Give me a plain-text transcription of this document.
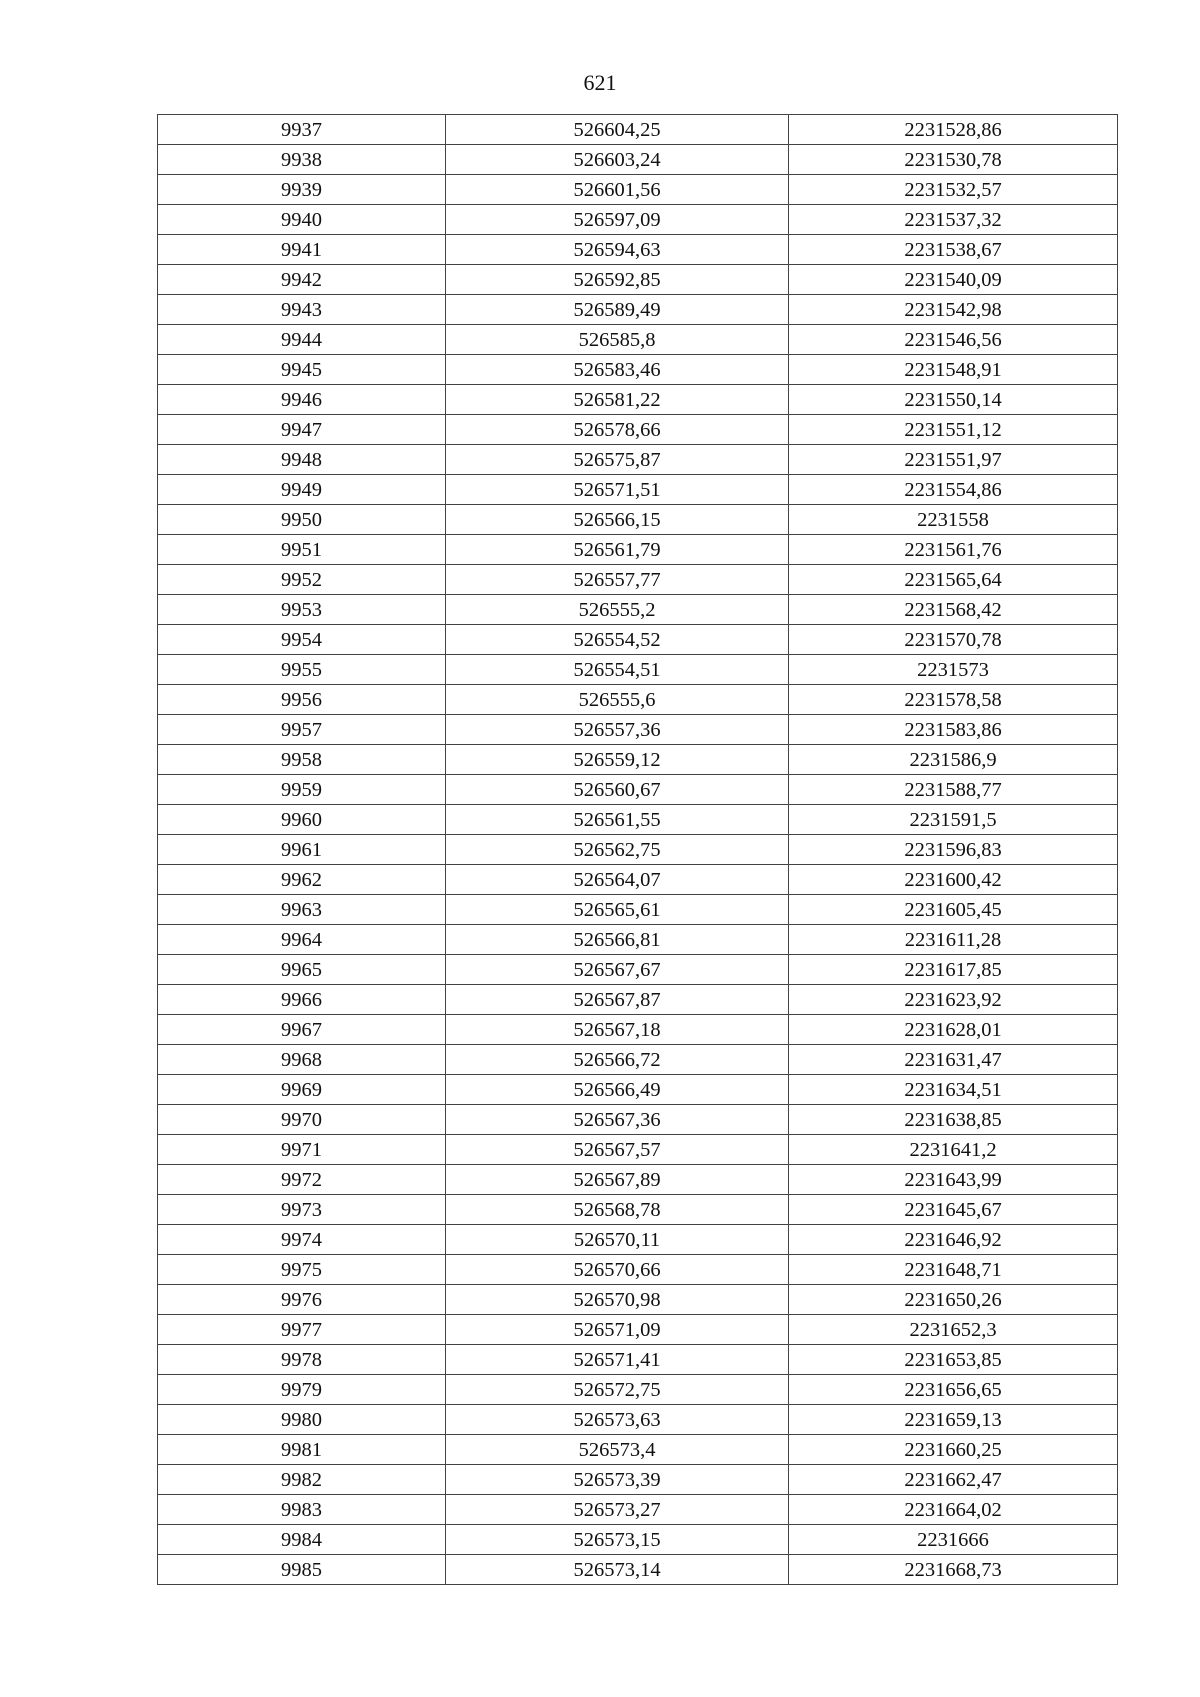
621
9937	526604,25	2231528,86
9938	526603,24	2231530,78
9939	526601,56	2231532,57
9940	526597,09	2231537,32
9941	526594,63	2231538,67
9942	526592,85	2231540,09
9943	526589,49	2231542,98
9944	526585,8	2231546,56
9945	526583,46	2231548,91
9946	526581,22	2231550,14
9947	526578,66	2231551,12
9948	526575,87	2231551,97
9949	526571,51	2231554,86
9950	526566,15	2231558
9951	526561,79	2231561,76
9952	526557,77	2231565,64
9953	526555,2	2231568,42
9954	526554,52	2231570,78
9955	526554,51	2231573
9956	526555,6	2231578,58
9957	526557,36	2231583,86
9958	526559,12	2231586,9
9959	526560,67	2231588,77
9960	526561,55	2231591,5
9961	526562,75	2231596,83
9962	526564,07	2231600,42
9963	526565,61	2231605,45
9964	526566,81	2231611,28
9965	526567,67	2231617,85
9966	526567,87	2231623,92
9967	526567,18	2231628,01
9968	526566,72	2231631,47
9969	526566,49	2231634,51
9970	526567,36	2231638,85
9971	526567,57	2231641,2
9972	526567,89	2231643,99
9973	526568,78	2231645,67
9974	526570,11	2231646,92
9975	526570,66	2231648,71
9976	526570,98	2231650,26
9977	526571,09	2231652,3
9978	526571,41	2231653,85
9979	526572,75	2231656,65
9980	526573,63	2231659,13
9981	526573,4	2231660,25
9982	526573,39	2231662,47
9983	526573,27	2231664,02
9984	526573,15	2231666
9985	526573,14	2231668,73
